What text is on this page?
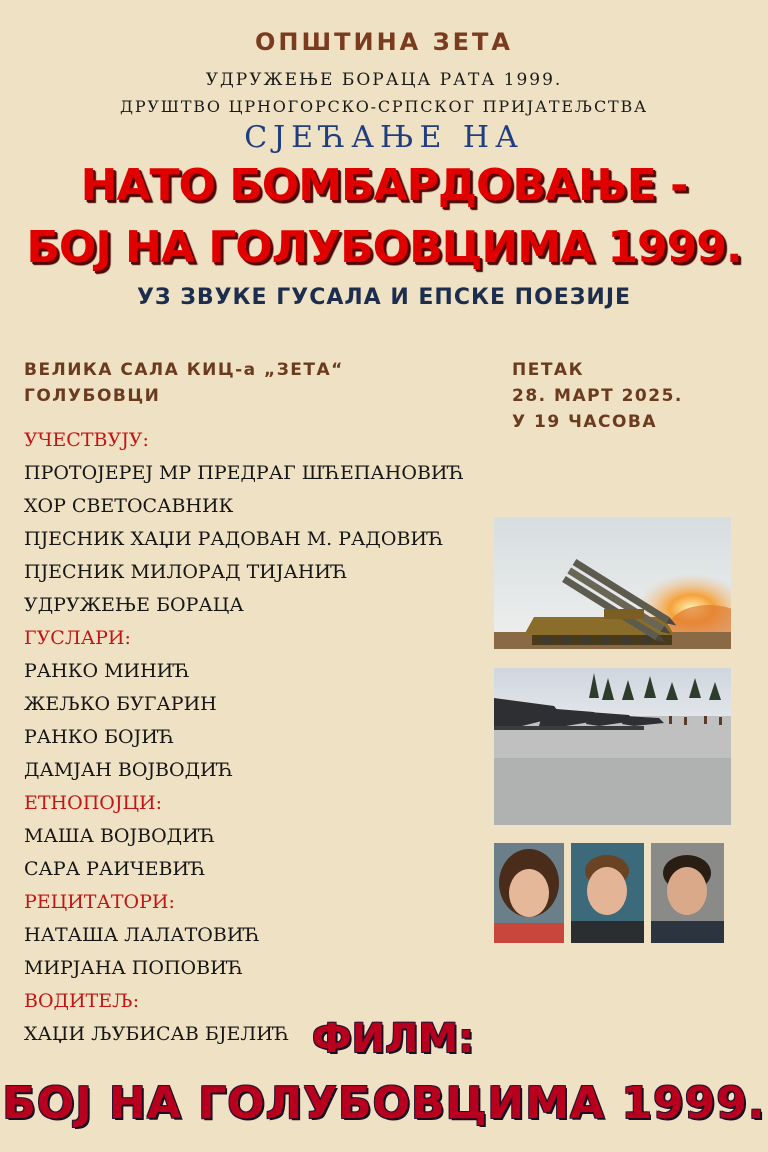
ОПШТИНА ЗЕТА
УДРУЖЕЊЕ БОРАЦА РАТА 1999.
ДРУШТВО ЦРНОГОРСКО-СРПСКОГ ПРИЈАТЕЉСТВА
СЈЕЋАЊЕ НА
НАТО БОМБАРДОВАЊЕ -
БОЈ НА ГОЛУБОВЦИМА 1999.
УЗ ЗВУКЕ ГУСАЛА И ЕПСКЕ ПОЕЗИЈЕ
ВЕЛИКА САЛА КИЦ-а „ЗЕТА“
ГОЛУБОВЦИ
ПЕТАК
28. МАРТ 2025.
У 19 ЧАСОВА
УЧЕСТВУЈУ:
ПРОТОЈЕРЕЈ МР ПРЕДРАГ ШЋЕПАНОВИЋ
ХОР СВЕТОСАВНИК
ПЈЕСНИК ХАЏИ РАДОВАН М. РАДОВИЋ
ПЈЕСНИК МИЛОРАД ТИЈАНИЋ
УДРУЖЕЊЕ БОРАЦА
ГУСЛАРИ:
РАНКО МИНИЋ
ЖЕЉКО БУГАРИН
РАНКО БОЈИЋ
ДАМЈАН ВОЈВОДИЋ
ЕТНОПОЈЦИ:
МАША ВОЈВОДИЋ
САРА РАИЧЕВИЋ
РЕЦИТАТОРИ:
НАТАША ЛАЛАТОВИЋ
МИРЈАНА ПОПОВИЋ
ВОДИТЕЉ:
ХАЏИ ЉУБИСАВ БЈЕЛИЋ ФИЛМ:
БОЈ НА ГОЛУБОВЦИМА 1999.
